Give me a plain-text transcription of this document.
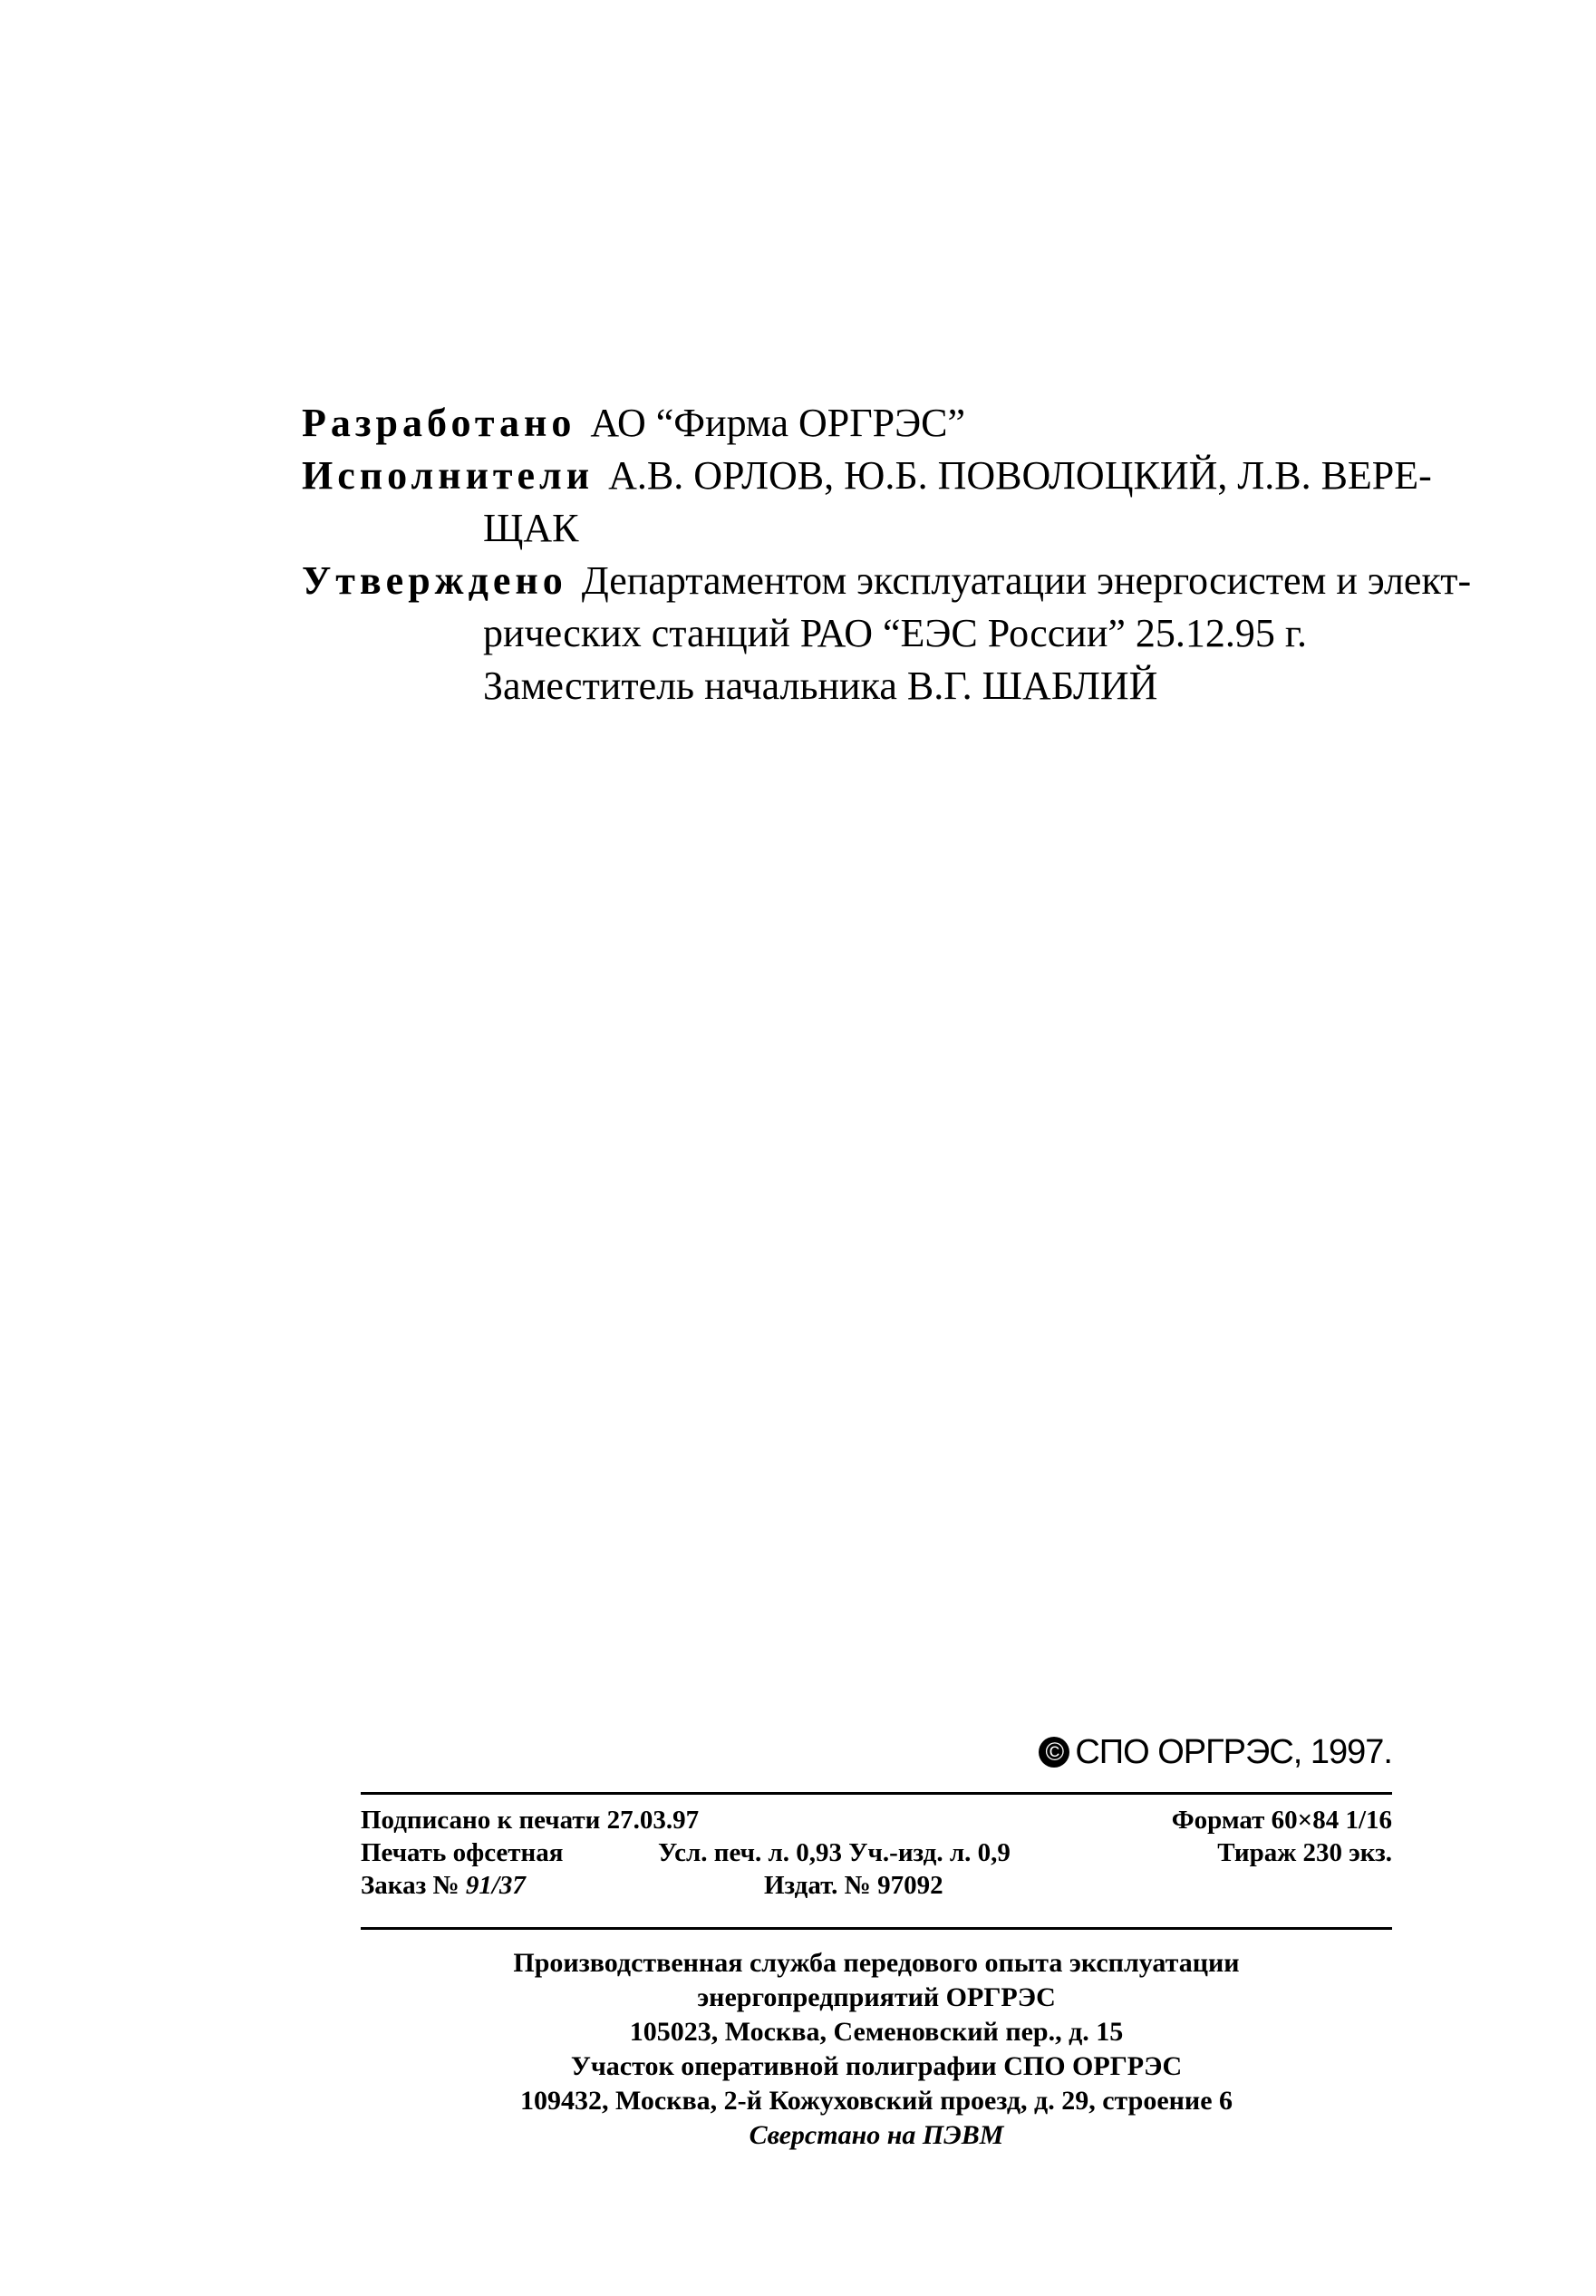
Разработано АО “Фирма ОРГРЭС”
Исполнители А.В. ОРЛОВ, Ю.Б. ПОВОЛОЦКИЙ, Л.В. ВЕРЕ-
ЩАК
Утверждено Департаментом эксплуатации энергосистем и элект-
рических станций РАО “ЕЭС России” 25.12.95 г.
Заместитель начальника В.Г. ШАБЛИЙ
© СПО ОРГРЭС, 1997.
Подписано к печати 27.03.97	Формат 60×84 1/16
Печать офсетная	Усл. печ. л. 0,93 Уч.-изд. л. 0,9	Тираж 230 экз.
Заказ № 91/37	Издат. № 97092
Производственная служба передового опыта эксплуатации
энергопредприятий ОРГРЭС
105023, Москва, Семеновский пер., д. 15
Участок оперативной полиграфии СПО ОРГРЭС
109432, Москва, 2-й Кожуховский проезд, д. 29, строение 6
Сверстано на ПЭВМ
